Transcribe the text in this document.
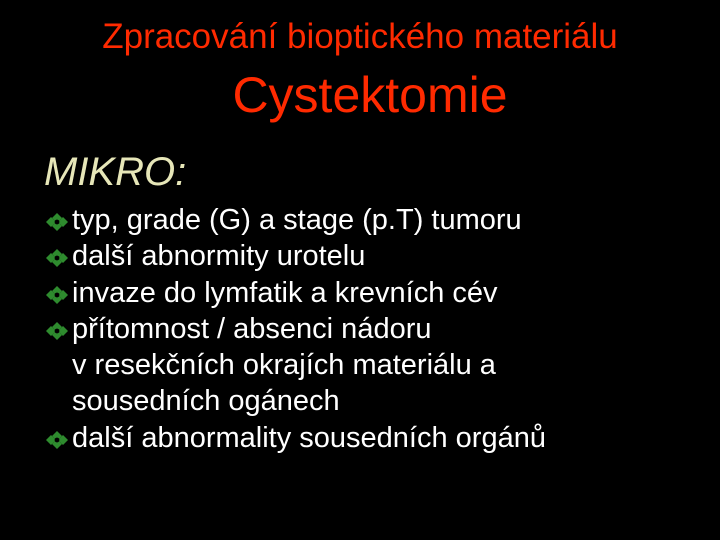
Zpracování bioptického materiálu
Cystektomie
MIKRO:
typ, grade (G) a stage (p.T) tumoru
další abnormity urotelu
invaze do lymfatik a krevních cév
přítomnost / absenci nádoru
v resekčních okrajích materiálu a
sousedních ogánech
další abnormality sousedních orgánů
